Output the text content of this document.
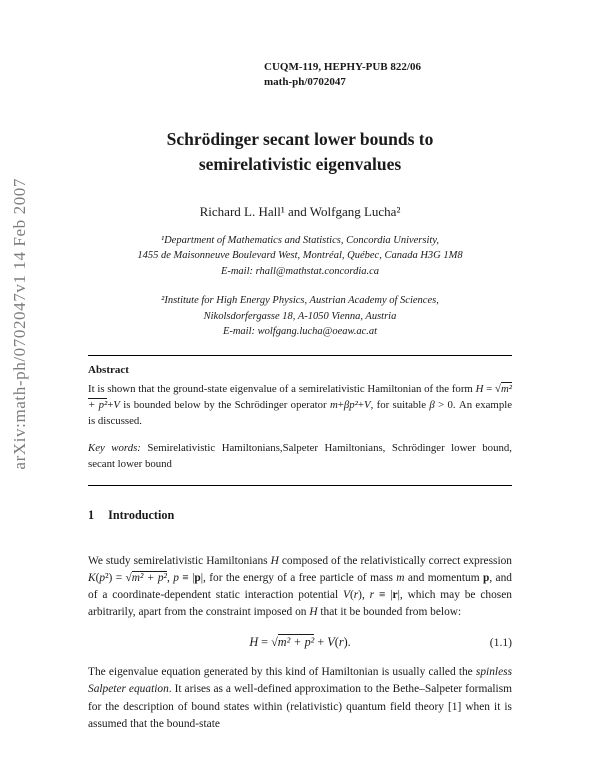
arXiv:math-ph/0702047v1 14 Feb 2007
CUQM-119, HEPHY-PUB 822/06
math-ph/0702047
Schrödinger secant lower bounds to
semirelativistic eigenvalues
Richard L. Hall¹ and Wolfgang Lucha²
¹Department of Mathematics and Statistics, Concordia University,
1455 de Maisonneuve Boulevard West, Montréal, Québec, Canada H3G 1M8
E-mail: rhall@mathstat.concordia.ca
²Institute for High Energy Physics, Austrian Academy of Sciences,
Nikolsdorfergasse 18, A-1050 Vienna, Austria
E-mail: wolfgang.lucha@oeaw.ac.at
Abstract

It is shown that the ground-state eigenvalue of a semirelativistic Hamiltonian of the form H = √m² + p²+V is bounded below by the Schrödinger operator m+βp²+V, for suitable β > 0. An example is discussed.

Key words: Semirelativistic Hamiltonians,Salpeter Hamiltonians, Schrödinger lower bound, secant lower bound

1 Introduction

We study semirelativistic Hamiltonians H composed of the relativistically correct expression K(p²) = √m² + p², p ≡ |p|, for the energy of a free particle of mass m and momentum p, and of a coordinate-dependent static interaction potential V(r), r ≡ |r|, which may be chosen arbitrarily, apart from the constraint imposed on H that it be bounded from below:

H = √m² + p² + V(r).	(1.1)

The eigenvalue equation generated by this kind of Hamiltonian is usually called the spinless Salpeter equation. It arises as a well-defined approximation to the Bethe–Salpeter formalism for the description of bound states within (relativistic) quantum field theory [1] when it is assumed that the bound-state
